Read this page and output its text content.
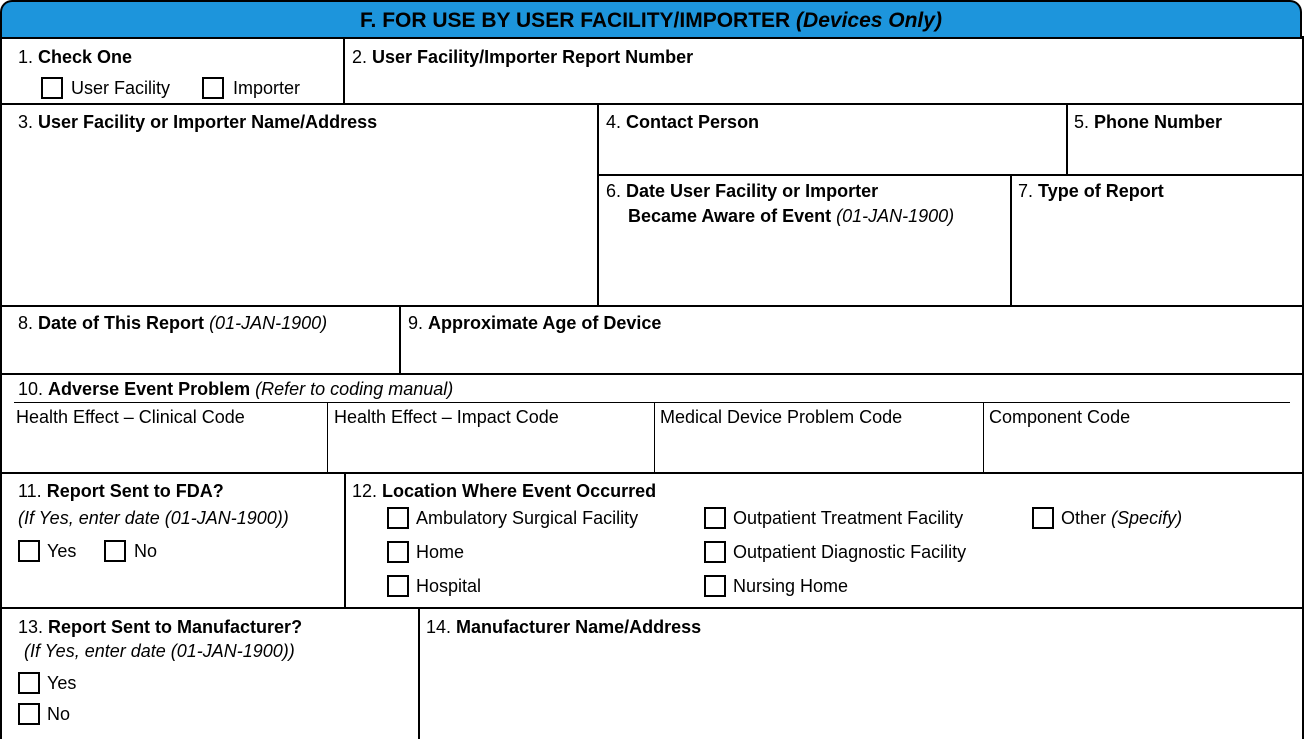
F. FOR USE BY USER FACILITY/IMPORTER (Devices Only)
1. Check One
User Facility	Importer
2. User Facility/Importer Report Number
3. User Facility or Importer Name/Address	4. Contact Person	5. Phone Number
6. Date User Facility or Importer
Became Aware of Event (01-JAN-1900)
7. Type of Report
8. Date of This Report (01-JAN-1900)	9. Approximate Age of Device
10. Adverse Event Problem (Refer to coding manual)
Health Effect – Clinical Code	Health Effect – Impact Code	Medical Device Problem Code	Component Code
11. Report Sent to FDA?
(If Yes, enter date (01-JAN-1900))
Yes	No
12. Location Where Event Occurred
Ambulatory Surgical Facility
Home
Hospital
Outpatient Treatment Facility
Outpatient Diagnostic Facility
Nursing Home
Other (Specify)
13. Report Sent to Manufacturer?
(If Yes, enter date (01-JAN-1900))
Yes
No
14. Manufacturer Name/Address
